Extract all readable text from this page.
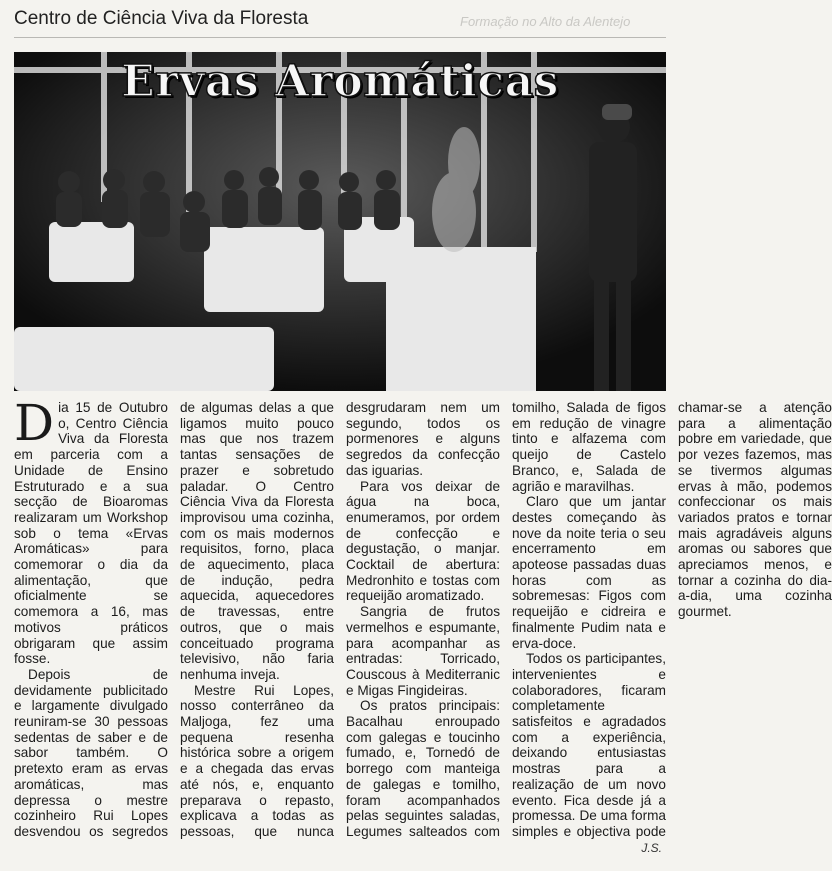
Centro de Ciência Viva da Floresta	Formação no Alto da Alentejo
Ervas Aromáticas

Dia 15 de Outubro o, Centro Ciência Viva da Floresta em parceria com a Unidade de Ensino Estruturado e a sua secção de Bioaromas realizaram um Workshop sob o tema «Ervas Aromáticas» para comemorar o dia da alimentação, que oficialmente se comemora a 16, mas motivos práticos obrigaram que assim fosse.

Depois de devidamente publicitado e largamente divulgado reuniram-se 30 pessoas sedentas de saber e de sabor também. O pretexto eram as ervas aromáticas, mas depressa o mestre cozinheiro Rui Lopes desvendou os segredos de algumas delas a que ligamos muito pouco mas que nos trazem tantas sensações de prazer e sobretudo paladar. O Centro Ciência Viva da Floresta improvisou uma cozinha, com os mais modernos requisitos, forno, placa de aquecimento, placa de indução, pedra aquecida, aquecedores de travessas, entre outros, que o mais conceituado programa televisivo, não faria nenhuma inveja.

Mestre Rui Lopes, nosso conterrâneo da Maljoga, fez uma pequena resenha histórica sobre a origem e a chegada das ervas até nós, e, enquanto preparava o repasto, explicava a todas as pessoas, que nunca desgrudaram nem um segundo, todos os pormenores e alguns segredos da confecção das iguarias.

Para vos deixar de água na boca, enumeramos, por ordem de confecção e degustação, o manjar. Cocktail de abertura: Medronhito e tostas com requeijão aromatizado.

Sangria de frutos vermelhos e espumante, para acompanhar as entradas: Torricado, Couscous à Mediterranic e Migas Fingideiras.

Os pratos principais: Bacalhau enroupado com galegas e toucinho fumado, e, Tornedó de borrego com manteiga de galegas e tomilho, foram acompanhados pelas seguintes saladas, Legumes salteados com tomilho, Salada de figos em redução de vinagre tinto e alfazema com queijo de Castelo Branco, e, Salada de agrião e maravilhas.

Claro que um jantar destes começando às nove da noite teria o seu encerramento em apoteose passadas duas horas com as sobremesas: Figos com requeijão e cidreira e finalmente Pudim nata e erva-doce.

Todos os participantes, intervenientes e colaboradores, ficaram completamente satisfeitos e agradados com a experiência, deixando entusiastas mostras para a realização de um novo evento. Fica desde já a promessa. De uma forma simples e objectiva pode chamar-se a atenção para a alimentação pobre em variedade, que por vezes fazemos, mas se tivermos algumas ervas à mão, podemos confeccionar os mais variados pratos e tornar mais agradáveis alguns aromas ou sabores que apreciamos menos, e tornar a cozinha do dia-a-dia, uma cozinha gourmet.

J.S.
